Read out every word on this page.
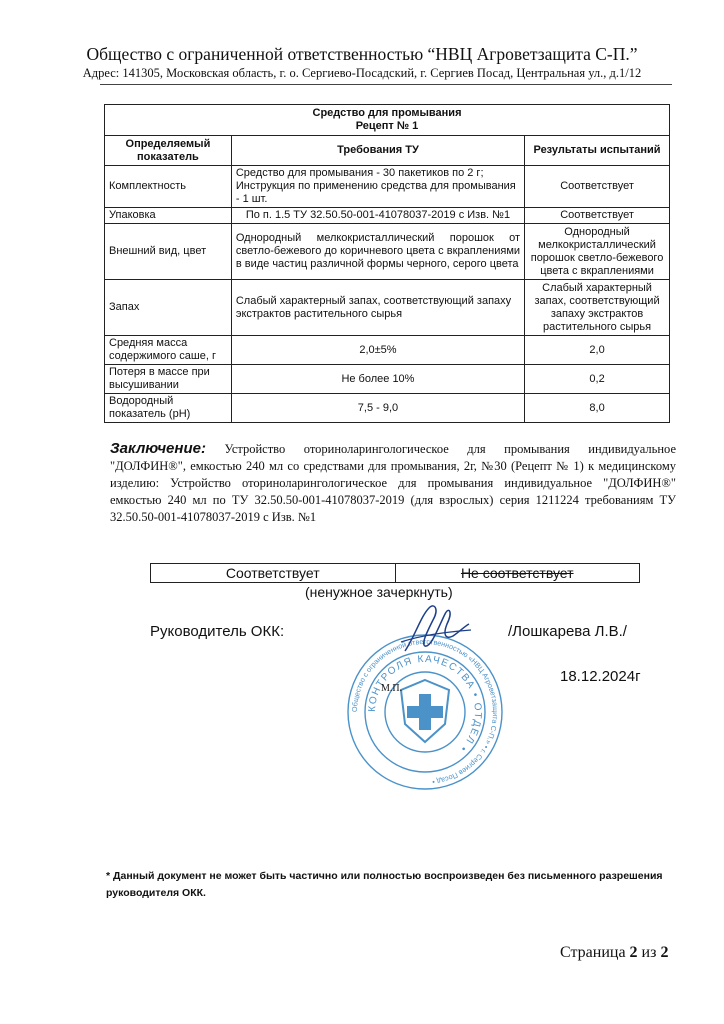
Общество с ограниченной ответственностью “НВЦ Агроветзащита С-П.”
Адрес: 141305, Московская область, г. о. Сергиево-Посадский, г. Сергиев Посад, Центральная ул., д.1/12
Средство для промывания
Рецепт № 1		

Определяемый показатель	Требования ТУ	Результаты испытаний
Комплектность	Средство для промывания - 30 пакетиков по 2 г; Инструкция по применению средства для промывания - 1 шт.	Соответствует
Упаковка	По п. 1.5 ТУ 32.50.50-001-41078037-2019 с Изв. №1	Соответствует
Внешний вид, цвет	Однородный мелкокристаллический порошок от светло-бежевого до коричневого цвета с вкраплениями в виде частиц различной формы черного, серого цвета	Однородный мелкокристаллический порошок светло-бежевого цвета с вкраплениями
Запах	Слабый характерный запах, соответствующий запаху экстрактов растительного сырья	Слабый характерный запах, соответствующий запаху экстрактов растительного сырья
Средняя масса содержимого саше, г	2,0±5%	2,0
Потеря в массе при высушивании	Не более 10%	0,2
Водородный показатель (pH)	7,5 - 9,0	8,0
Заключение: Устройство оториноларингологическое для промывания индивидуальное "ДОЛФИН®", емкостью 240 мл со средствами для промывания, 2г, №30 (Рецепт № 1) к медицинскому изделию: Устройство оториноларингологическое для промывания индивидуальное "ДОЛФИН®" емкостью 240 мл по ТУ 32.50.50-001-41078037-2019 (для взрослых) серия 1211224 требованиям ТУ 32.50.50-001-41078037-2019 с Изв. №1
Соответствует	Не соответствует
(ненужное зачеркнуть)
Руководитель ОКК:	/Лошкарева Л.В./
Общество с ограниченной ответственностью «НВЦ Агроветзащита С-П.» • г. Сергиев Посад •
КОНТРОЛЯ КАЧЕСТВА • ОТДЕЛ •
18.12.2024г
М.П.
* Данный документ не может быть частично или полностью воспроизведен без письменного разрешения руководителя ОКК.
Страница 2 из 2
